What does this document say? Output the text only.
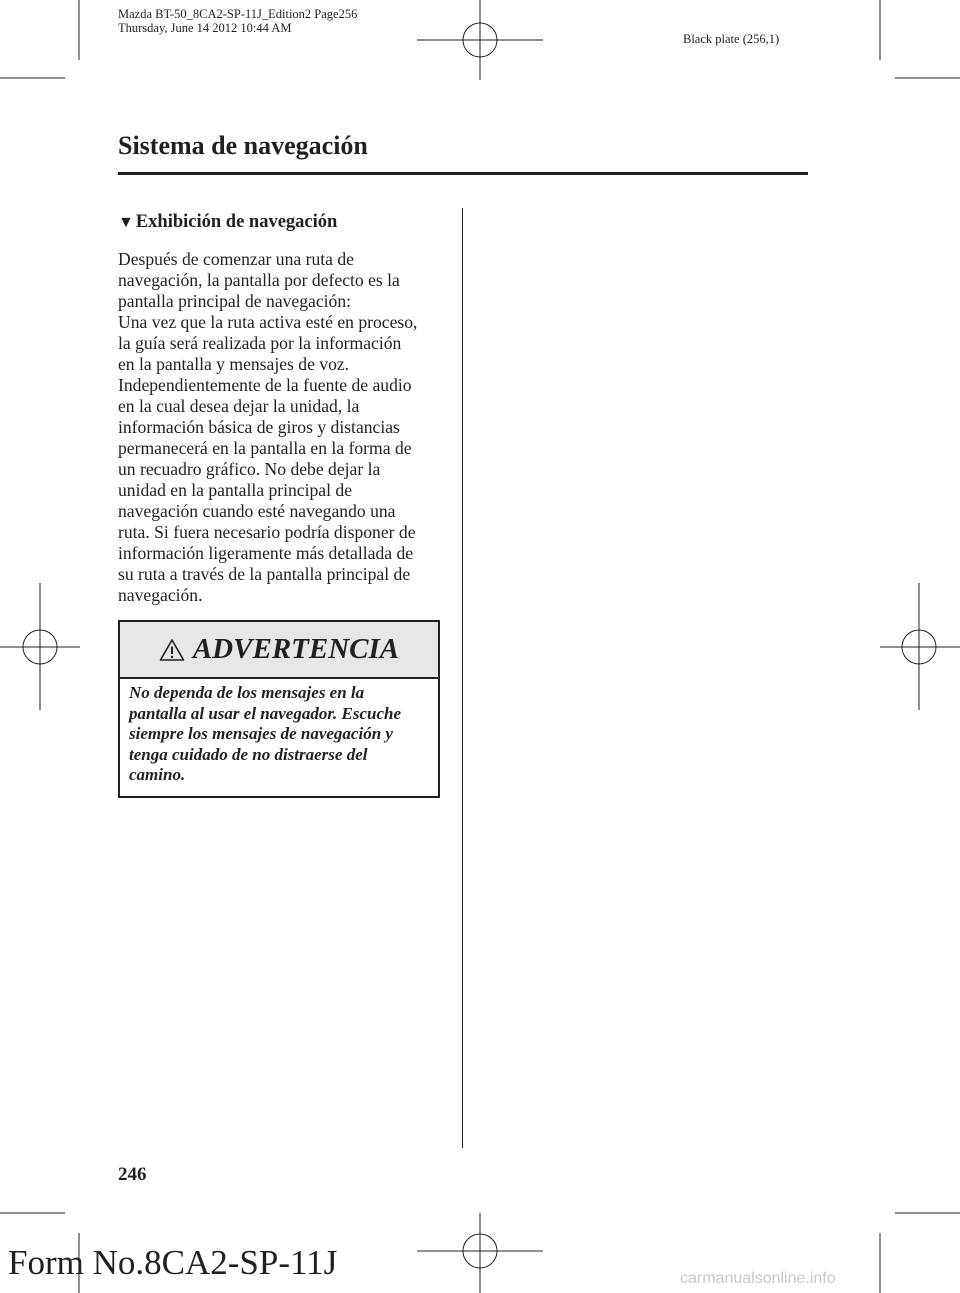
Mazda BT-50_8CA2-SP-11J_Edition2 Page256
Thursday, June 14 2012 10:44 AM
Black plate (256,1)
Sistema de navegación
▼ Exhibición de navegación

Después de comenzar una ruta de
navegación, la pantalla por defecto es la
pantalla principal de navegación:
Una vez que la ruta activa esté en proceso,
la guía será realizada por la información
en la pantalla y mensajes de voz.
Independientemente de la fuente de audio
en la cual desea dejar la unidad, la
información básica de giros y distancias
permanecerá en la pantalla en la forma de
un recuadro gráfico. No debe dejar la
unidad en la pantalla principal de
navegación cuando esté navegando una
ruta. Si fuera necesario podría disponer de
información ligeramente más detallada de
su ruta a través de la pantalla principal de
navegación.

ADVERTENCIA

No dependa de los mensajes en la
pantalla al usar el navegador. Escuche
siempre los mensajes de navegación y
tenga cuidado de no distraerse del
camino.

246
Form No.8CA2-SP-11J	carmanualsonline.info
